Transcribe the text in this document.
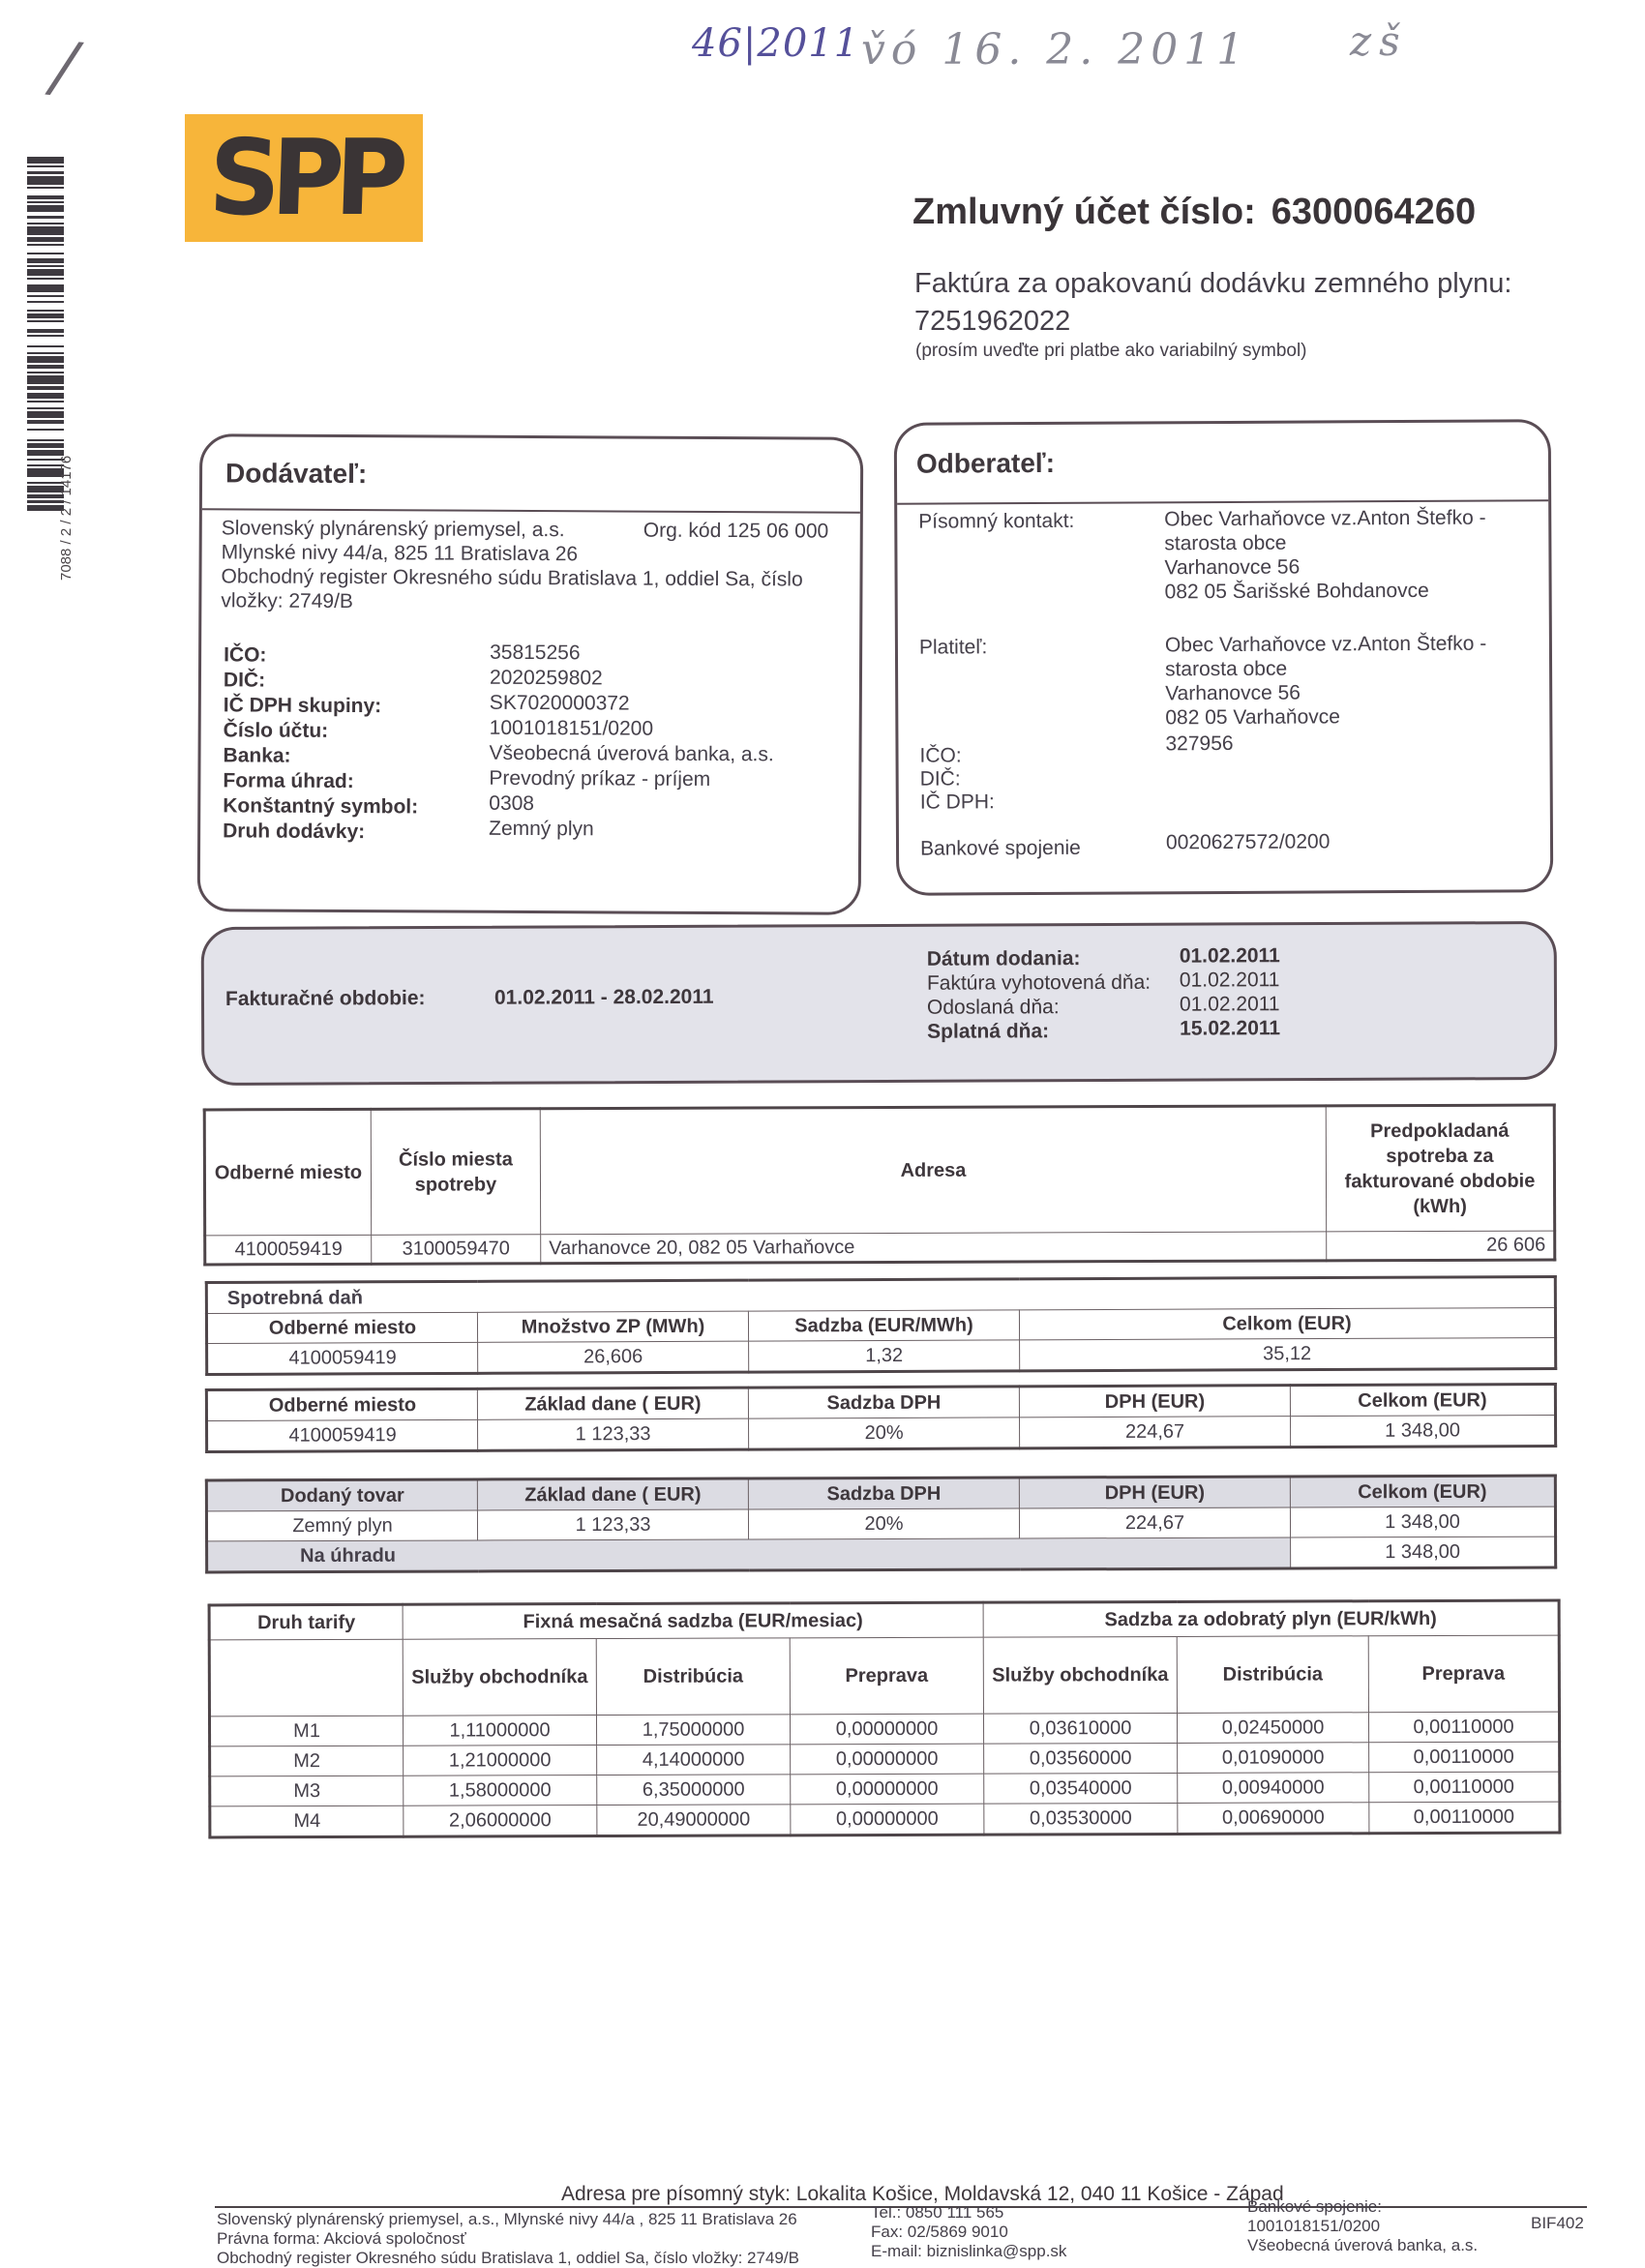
/	46|2011 v̌ó 16. 2. 2011 zš
7088 / 2 / 2 / 14176
SPP	Zmluvný účet číslo: 6300064260
Faktúra za opakovanú dodávku zemného plynu:
7251962022
(prosím uveďte pri platbe ako variabilný symbol)
Dodávateľ:
Slovenský plynárenský priemysel, a.s.	Org. kód 125 06 000
Mlynské nivy 44/a, 825 11 Bratislava 26
Obchodný register Okresného súdu Bratislava 1, oddiel Sa, číslo
vložky: 2749/B
IČO:	35815256
DIČ:	2020259802
IČ DPH skupiny:	SK7020000372
Číslo účtu:	1001018151/0200
Banka:	Všeobecná úverová banka, a.s.
Forma úhrad:	Prevodný príkaz - príjem
Konštantný symbol:	0308
Druh dodávky:	Zemný plyn
Odberateľ:
Písomný kontakt:	Obec Varhaňovce vz.Anton Štefko -
starosta obce
Varhanovce 56
082 05 Šarišské Bohdanovce
Platiteľ:	Obec Varhaňovce vz.Anton Štefko -
starosta obce
Varhanovce 56
082 05 Varhaňovce
IČO:
327956
DIČ:
IČ DPH:
Bankové spojenie	0020627572/0200
Fakturačné obdobie:	01.02.2011 - 28.02.2011
Dátum dodania:	01.02.2011
Faktúra vyhotovená dňa: 01.02.2011
Odoslaná dňa:	01.02.2011
Splatná dňa:	15.02.2011
Odberné miesto	Číslo miesta spotreby	Adresa	Predpokladaná spotreba za fakturované obdobie (kWh)
4100059419	3100059470	Varhanovce 20, 082 05 Varhaňovce	26 606
Spotrebná daň			
Odberné miesto	Množstvo ZP (MWh)	Sadzba (EUR/MWh)	Celkom (EUR)
4100059419	26,606	1,32	35,12
Odberné miesto	Základ dane ( EUR)	Sadzba DPH	DPH (EUR)	Celkom (EUR)
4100059419	1 123,33	20%	224,67	1 348,00
Dodaný tovar	Základ dane ( EUR)	Sadzba DPH	DPH (EUR)	Celkom (EUR)
Zemný plyn	1 123,33	20%	224,67	1 348,00
Na úhradu				1 348,00
Druh tarify	Fixná mesačná sadzba (EUR/mesiac)			Sadzba za odobratý plyn (EUR/kWh)		
	Služby obchodníka	Distribúcia	Preprava	Služby obchodníka	Distribúcia	Preprava
M1	1,11000000	1,75000000	0,00000000	0,03610000	0,02450000	0,00110000
M2	1,21000000	4,14000000	0,00000000	0,03560000	0,01090000	0,00110000
M3	1,58000000	6,35000000	0,00000000	0,03540000	0,00940000	0,00110000
M4	2,06000000	20,49000000	0,00000000	0,03530000	0,00690000	0,00110000
Adresa pre písomný styk: Lokalita Košice, Moldavská 12, 040 11 Košice - Západ
Slovenský plynárenský priemysel, a.s., Mlynské nivy 44/a , 825 11 Bratislava 26
Právna forma: Akciová spoločnosť
Obchodný register Okresného súdu Bratislava 1, oddiel Sa, číslo vložky: 2749/B
Tel.: 0850 111 565
Fax: 02/5869 9010
E-mail: biznislinka@spp.sk
Bankové spojenie:
1001018151/0200
Všeobecná úverová banka, a.s.
BIF402
